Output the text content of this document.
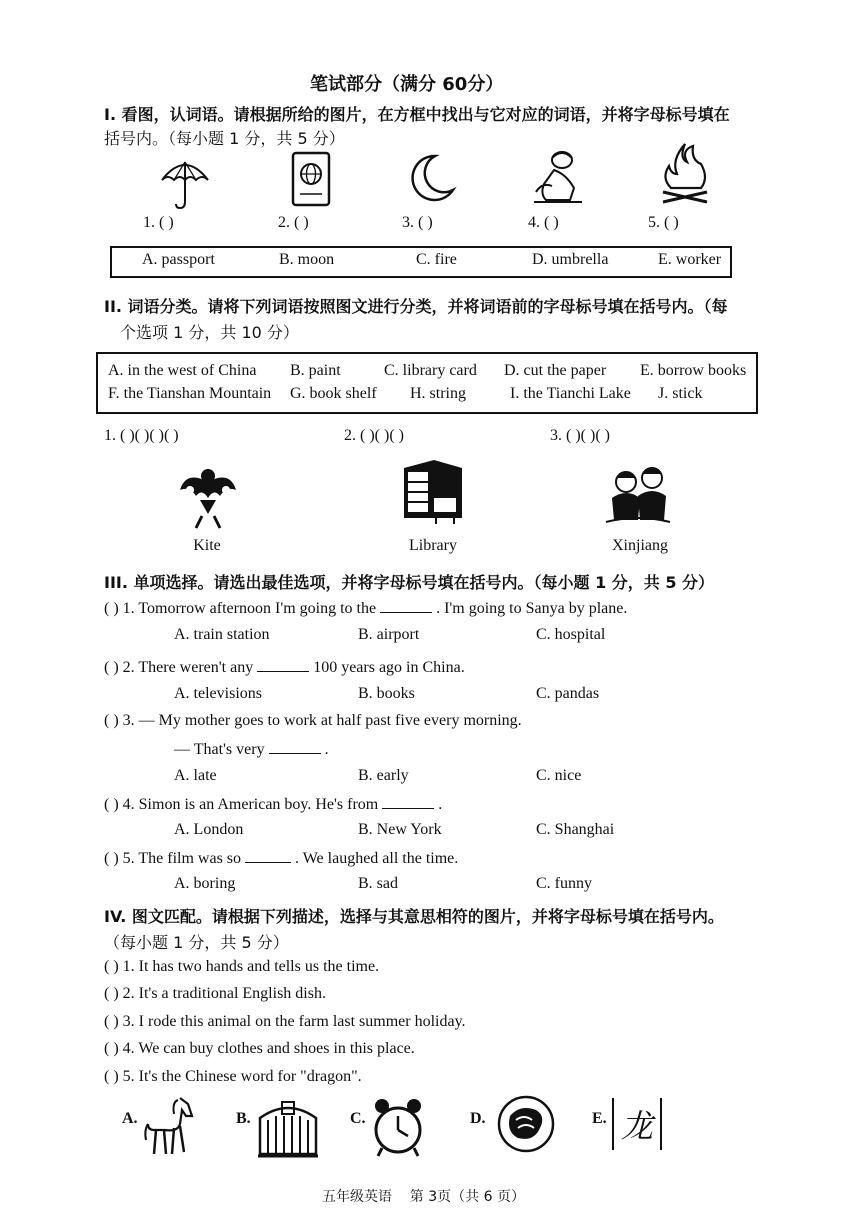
笔试部分（满分 60分）
I. 看图，认词语。请根据所给的图片，在方框中找出与它对应的词语，并将字母标号填在
括号内。（每小题 1 分，共 5 分）
1. ( )	2. ( )	3. ( )	4. ( )	5. ( )
A. passport	B. moon	C. fire	D. umbrella	E. worker
II. 词语分类。请将下列词语按照图文进行分类，并将词语前的字母标号填在括号内。（每
个选项 1 分，共 10 分）
A. in the west of China B. paint	C. library card D. cut the paper E. borrow books
F. the Tianshan Mountain G. book shelf H. string	I. the Tianchi Lake J. stick
1. ( )( )( )( )	2. ( )( )( )	3. ( )( )( )
Kite	Library	Xinjiang
III. 单项选择。请选出最佳选项，并将字母标号填在括号内。（每小题 1 分，共 5 分）
( ) 1. Tomorrow afternoon I'm going to the	. I'm going to Sanya by plane.
A. train station	B. airport	C. hospital
( ) 2. There weren't any	100 years ago in China.
A. televisions	B. books	C. pandas
( ) 3. — My mother goes to work at half past five every morning.
— That's very	.
A. late	B. early	C. nice
( ) 4. Simon is an American boy. He's from	.
A. London	B. New York	C. Shanghai
( ) 5. The film was so	. We laughed all the time.
A. boring	B. sad	C. funny
IV. 图文匹配。请根据下列描述，选择与其意思相符的图片，并将字母标号填在括号内。
（每小题 1 分，共 5 分）
( ) 1. It has two hands and tells us the time.
( ) 2. It's a traditional English dish.
( ) 3. I rode this animal on the farm last summer holiday.
( ) 4. We can buy clothes and shoes in this place.
( ) 5. It's the Chinese word for "dragon".
A.	B.	C.	D.	E. 龙
五年级英语    第 3页（共 6 页）
